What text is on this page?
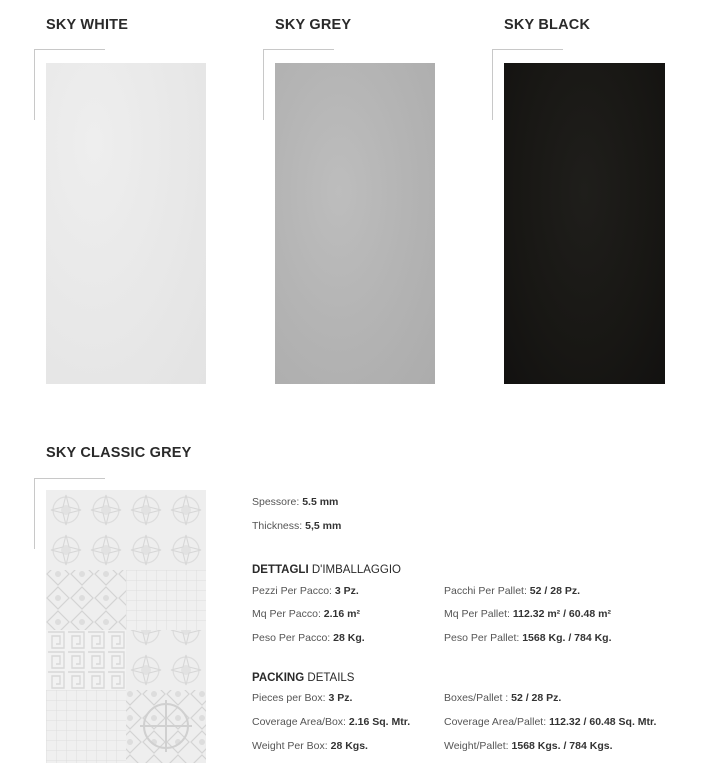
SKY WHITE	SKY GREY	SKY BLACK
SKY CLASSIC GREY
Spessore: 5.5 mm
Thickness: 5,5 mm
DETTAGLI D'IMBALLAGGIO
Pezzi Per Pacco: 3 Pz.
Mq Per Pacco: 2.16 m²
Peso Per Pacco: 28 Kg.
Pacchi Per Pallet: 52 / 28 Pz.
Mq Per Pallet: 112.32 m² / 60.48 m²
Peso Per Pallet: 1568 Kg. / 784 Kg.
PACKING DETAILS
Pieces per Box: 3 Pz.
Coverage Area/Box: 2.16 Sq. Mtr.
Weight Per Box: 28 Kgs.
Boxes/Pallet : 52 / 28 Pz.
Coverage Area/Pallet: 112.32 / 60.48 Sq. Mtr.
Weight/Pallet: 1568 Kgs. / 784 Kgs.
